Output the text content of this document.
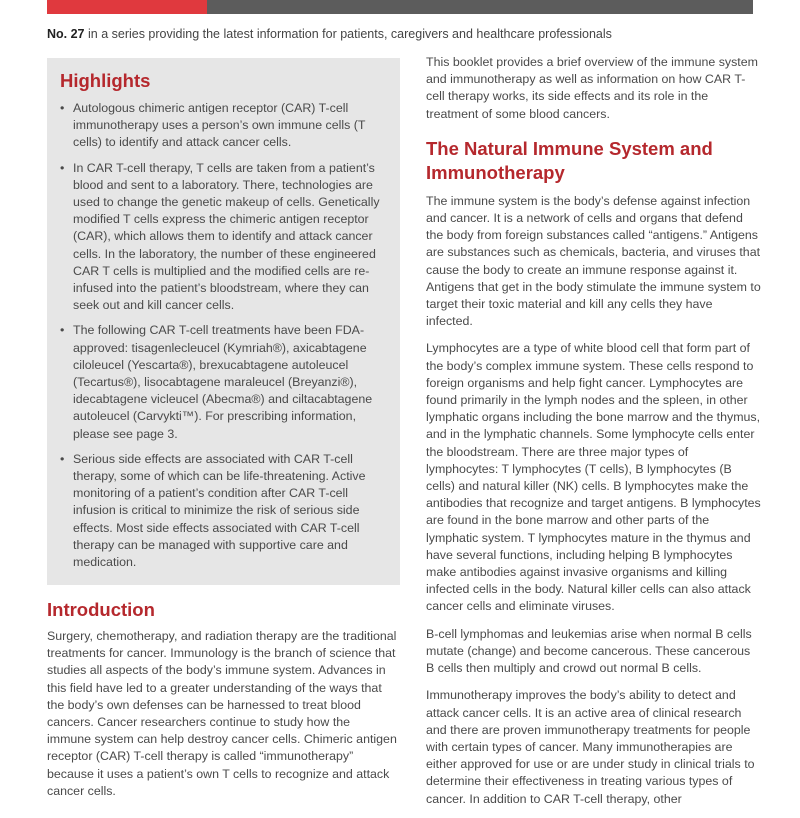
No. 27 in a series providing the latest information for patients, caregivers and healthcare professionals
Highlights
• Autologous chimeric antigen receptor (CAR) T-cell immunotherapy uses a person’s own immune cells (T cells) to identify and attack cancer cells.
• In CAR T-cell therapy, T cells are taken from a patient’s blood and sent to a laboratory. There, technologies are used to change the genetic makeup of cells. Genetically modified T cells express the chimeric antigen receptor (CAR), which allows them to identify and attack cancer cells. In the laboratory, the number of these engineered CAR T cells is multiplied and the modified cells are re-infused into the patient’s bloodstream, where they can seek out and kill cancer cells.
• The following CAR T-cell treatments have been FDA-approved: tisagenlecleucel (Kymriah®), axicabtagene ciloleucel (Yescarta®), brexucabtagene autoleucel (Tecartus®), lisocabtagene maraleucel (Breyanzi®), idecabtagene vicleucel (Abecma®) and ciltacabtagene autoleucel (Carvykti™). For prescribing information, please see page 3.
• Serious side effects are associated with CAR T-cell therapy, some of which can be life-threatening. Active monitoring of a patient’s condition after CAR T-cell infusion is critical to minimize the risk of serious side effects. Most side effects associated with CAR T-cell therapy can be managed with supportive care and medication.
Introduction

Surgery, chemotherapy, and radiation therapy are the traditional treatments for cancer. Immunology is the branch of science that studies all aspects of the body’s immune system. Advances in this field have led to a greater understanding of the ways that the body’s own defenses can be harnessed to treat blood cancers. Cancer researchers continue to study how the immune system can help destroy cancer cells. Chimeric antigen receptor (CAR) T-cell therapy is called “immunotherapy” because it uses a patient’s own T cells to recognize and attack cancer cells.

This booklet provides a brief overview of the immune system and immunotherapy as well as information on how CAR T-cell therapy works, its side effects and its role in the treatment of some blood cancers.

The Natural Immune System and Immunotherapy

The immune system is the body’s defense against infection and cancer. It is a network of cells and organs that defend the body from foreign substances called “antigens.” Antigens are substances such as chemicals, bacteria, and viruses that cause the body to create an immune response against it. Antigens that get in the body stimulate the immune system to target their toxic material and kill any cells they have infected.

Lymphocytes are a type of white blood cell that form part of the body’s complex immune system. These cells respond to foreign organisms and help fight cancer. Lymphocytes are found primarily in the lymph nodes and the spleen, in other lymphatic organs including the bone marrow and the thymus, and in the lymphatic channels. Some lymphocyte cells enter the bloodstream. There are three major types of lymphocytes: T lymphocytes (T cells), B lymphocytes (B cells) and natural killer (NK) cells. B lymphocytes make the antibodies that recognize and target antigens. B lymphocytes are found in the bone marrow and other parts of the lymphatic system. T lymphocytes mature in the thymus and have several functions, including helping B lymphocytes make antibodies against invasive organisms and killing infected cells in the body. Natural killer cells can also attack cancer cells and eliminate viruses.

B-cell lymphomas and leukemias arise when normal B cells mutate (change) and become cancerous. These cancerous B cells then multiply and crowd out normal B cells.

Immunotherapy improves the body’s ability to detect and attack cancer cells. It is an active area of clinical research and there are proven immunotherapy treatments for people with certain types of cancer. Many immunotherapies are either approved for use or are under study in clinical trials to determine their effectiveness in treating various types of cancer. In addition to CAR T-cell therapy, other
